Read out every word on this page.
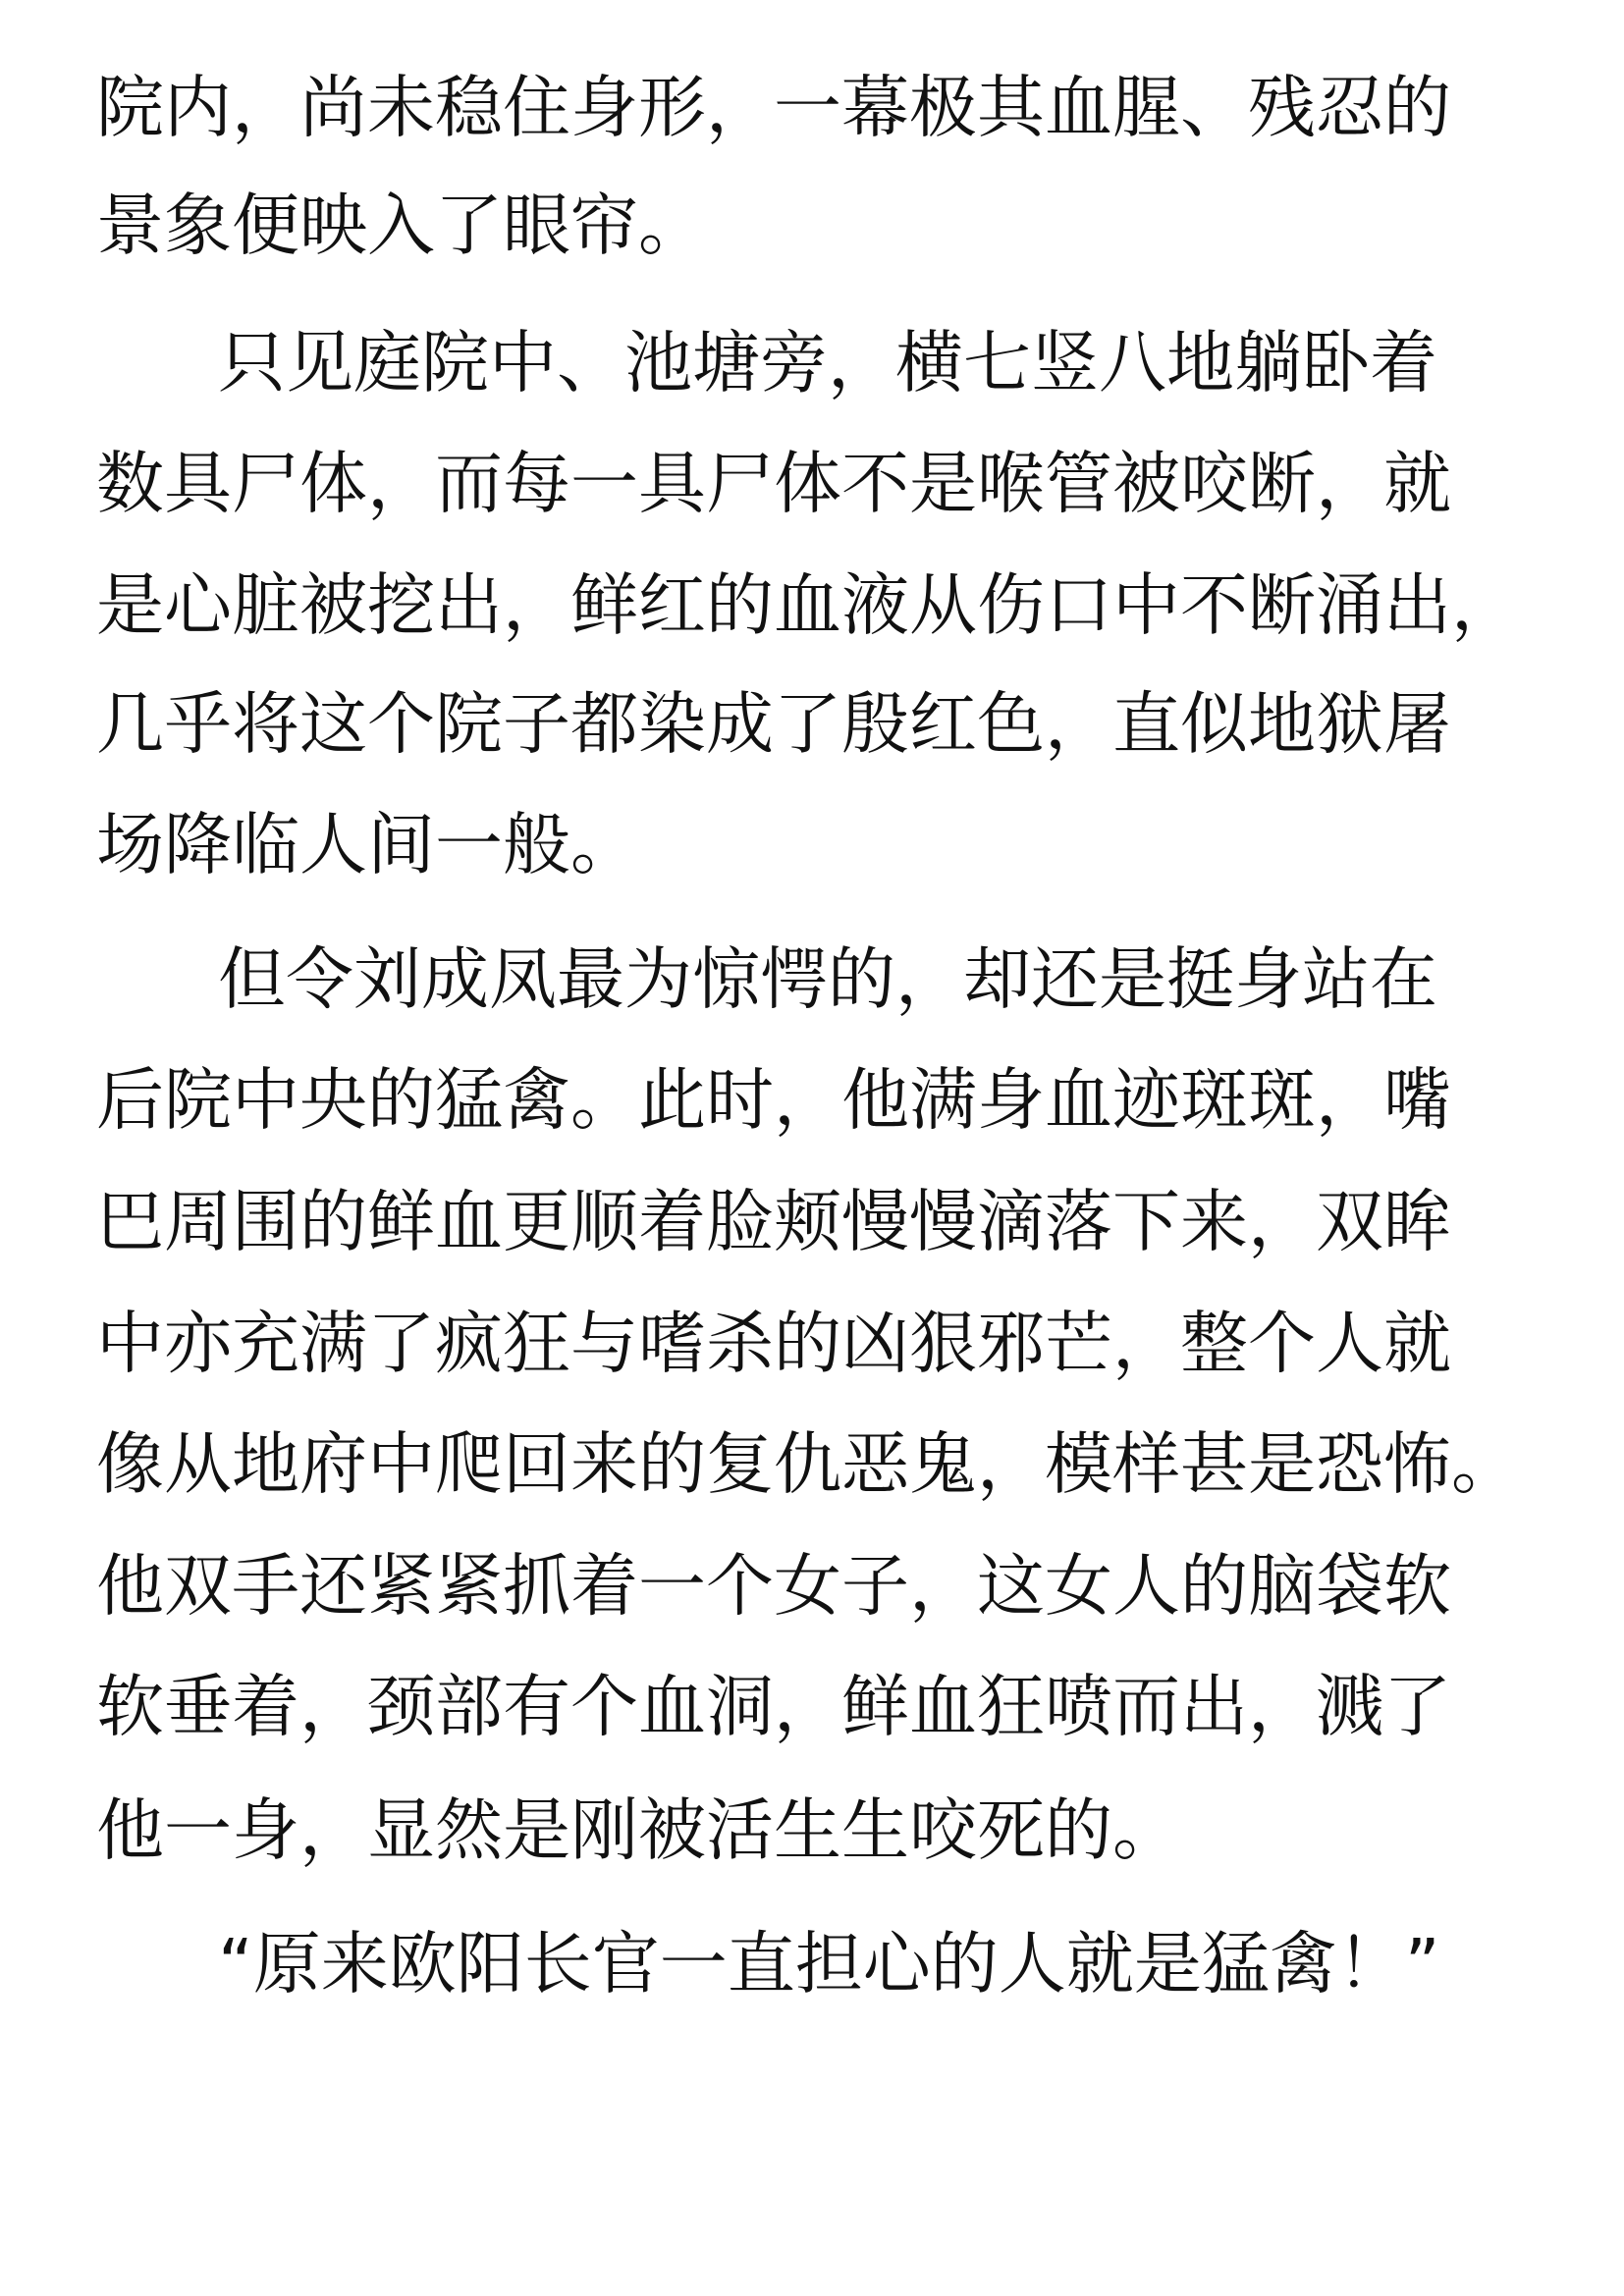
院内，尚未稳住身形，一幕极其血腥、残忍的
景象便映入了眼帘。
只见庭院中、池塘旁，横七竖八地躺卧着
数具尸体，而每一具尸体不是喉管被咬断，就
是心脏被挖出，鲜红的血液从伤口中不断涌出，
几乎将这个院子都染成了殷红色，直似地狱屠
场降临人间一般。
但令刘成凤最为惊愕的，却还是挺身站在
后院中央的猛禽。此时，他满身血迹斑斑，嘴
巴周围的鲜血更顺着脸颊慢慢滴落下来，双眸
中亦充满了疯狂与嗜杀的凶狠邪芒，整个人就
像从地府中爬回来的复仇恶鬼，模样甚是恐怖。
他双手还紧紧抓着一个女子，这女人的脑袋软
软垂着，颈部有个血洞，鲜血狂喷而出，溅了
他一身，显然是刚被活生生咬死的。
“原来欧阳长官一直担心的人就是猛禽！”
